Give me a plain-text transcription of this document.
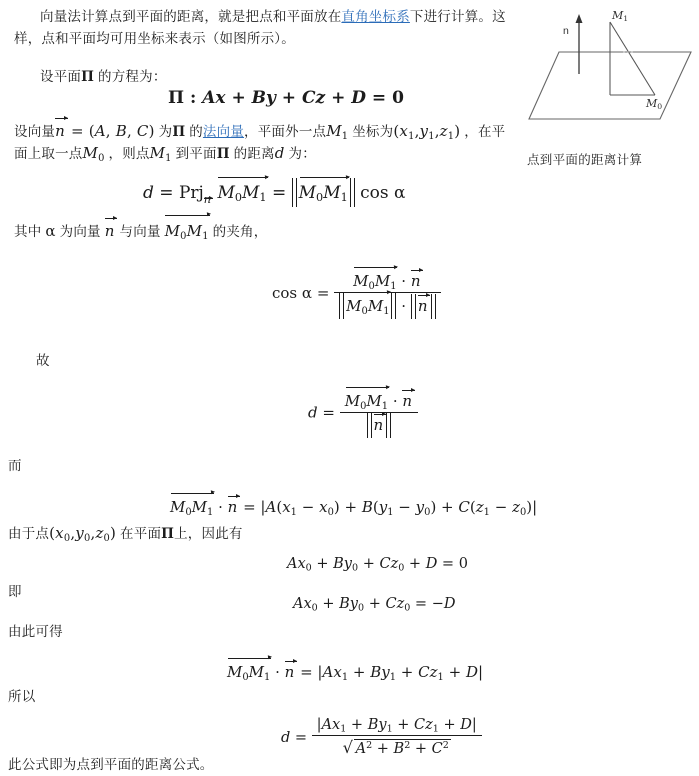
向量法计算点到平面的距离，就是把点和平面放在直角坐标系下进行计算。这样，点和平面均可用坐标来表示（如图所示）。
设平面Π 的方程为：
Π : Ax + By + Cz + D = 0
设向量n = (A, B, C) 为Π 的法向量，平面外一点$M_1$ 坐标为$(x_1,y_1,z_1)$ ，在平
面上取一点$M_0$ ，则点$M_1$ 到平面Π 的距离d 为：
d = Prj$_n$ $M_0M_1 = M_0M_1$ cos α
其中 α 为向量 n 与向量 $M_0M_1$ 的夹角，
$\cos \alpha = \frac{M_0M_1 \cdot n}{M_0M_1 \cdot n}$
故
$d = \frac{M_0M_1 \cdot n}{n}$
而
$M_0M_1 \cdot n = |A(x_1 - x_0) + B(y_1 - y_0) + C(z_1 - z_0)|$
由于点$(x_0,y_0,z_0)$ 在平面Π上，因此有
$Ax_0 + By_0 + Cz_0 + D = 0$
即
$Ax_0 + By_0 + Cz_0 = -D$
由此可得
$M_0M_1 \cdot n = |Ax_1 + By_1 + Cz_1 + D|$
所以
$d = |Ax_1 + By_1 + Cz_1 + D|$
√ $A^2 + B^2 + C^2$
此公式即为点到平面的距离公式。
$M_1$
$M_0$
n
点到平面的距离计算
